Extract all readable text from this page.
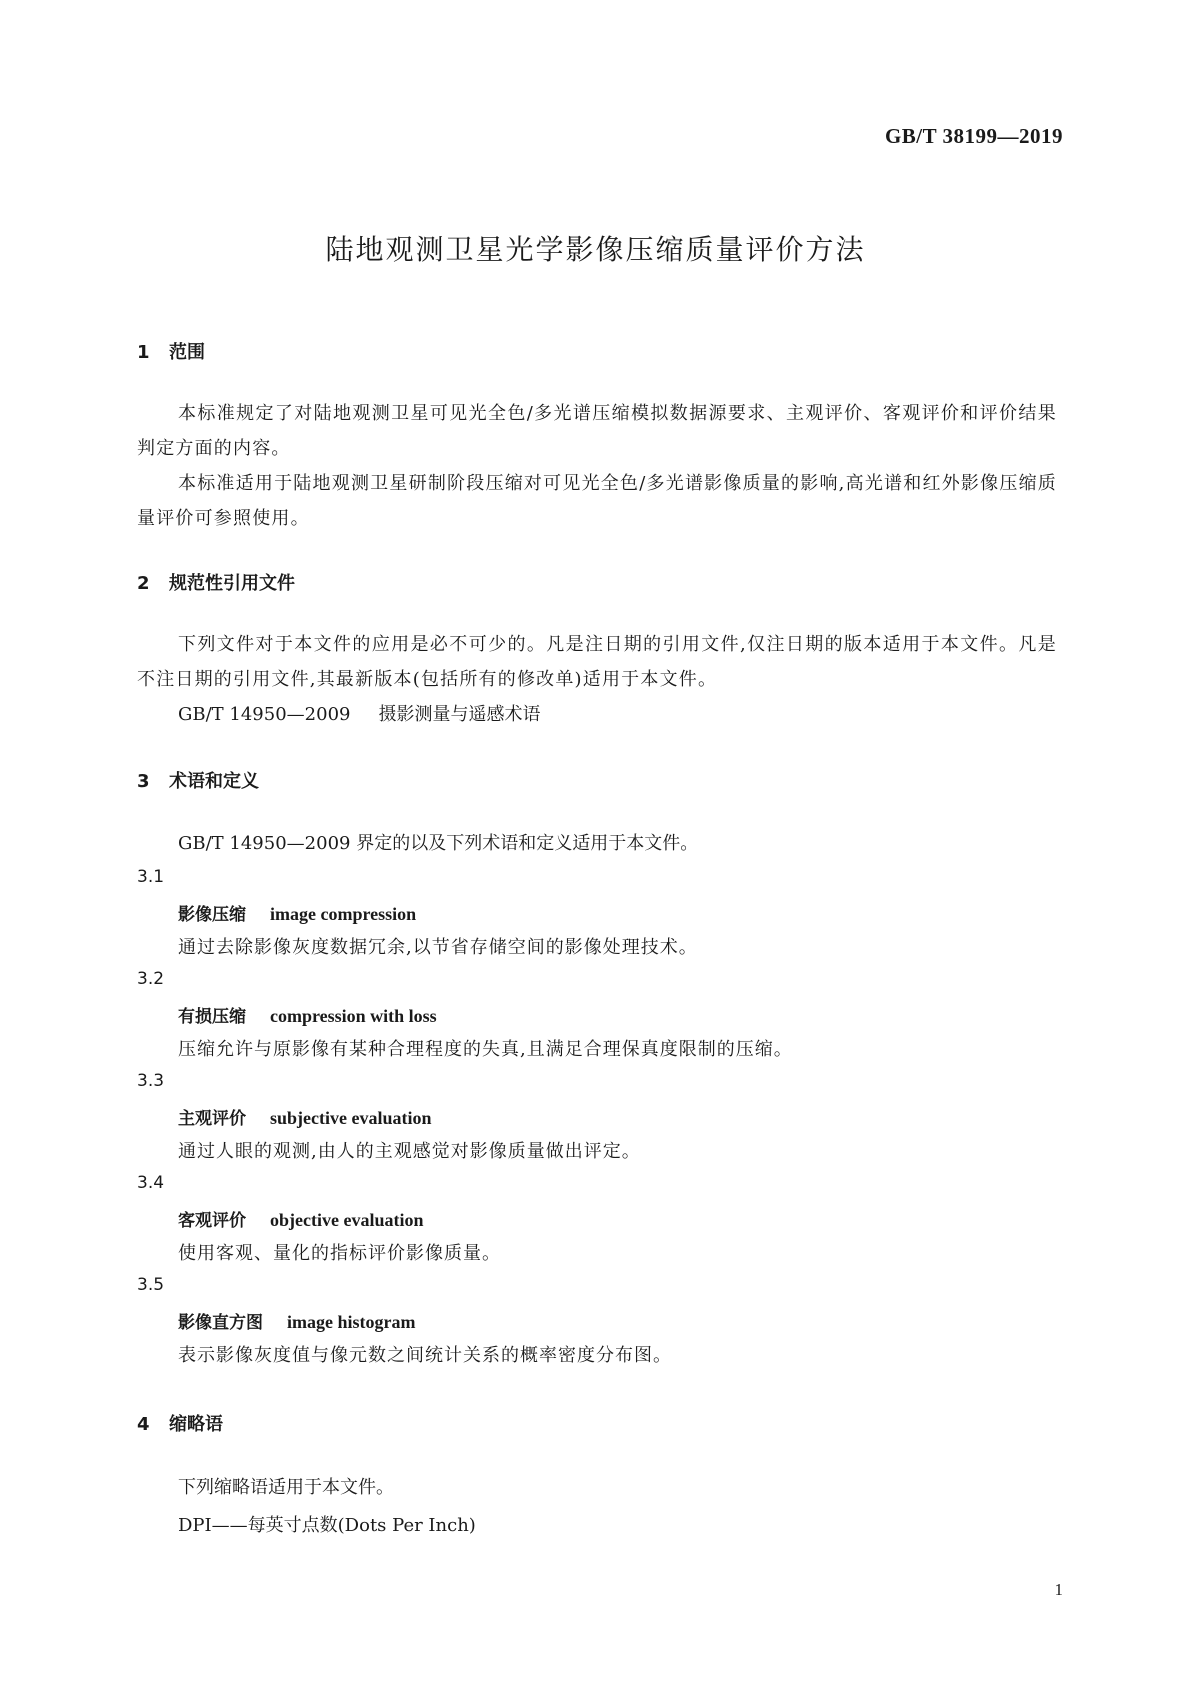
GB/T 38199—2019
陆地观测卫星光学影像压缩质量评价方法
1 范围
本标准规定了对陆地观测卫星可见光全色/多光谱压缩模拟数据源要求、主观评价、客观评价和评价结果判定方面的内容。
本标准适用于陆地观测卫星研制阶段压缩对可见光全色/多光谱影像质量的影响,高光谱和红外影像压缩质量评价可参照使用。
2 规范性引用文件
下列文件对于本文件的应用是必不可少的。凡是注日期的引用文件,仅注日期的版本适用于本文件。凡是不注日期的引用文件,其最新版本(包括所有的修改单)适用于本文件。
GB/T 14950—2009 摄影测量与遥感术语
3 术语和定义
GB/T 14950—2009 界定的以及下列术语和定义适用于本文件。
3.1
影像压缩 image compression
通过去除影像灰度数据冗余,以节省存储空间的影像处理技术。
3.2
有损压缩 compression with loss
压缩允许与原影像有某种合理程度的失真,且满足合理保真度限制的压缩。
3.3
主观评价 subjective evaluation
通过人眼的观测,由人的主观感觉对影像质量做出评定。
3.4
客观评价 objective evaluation
使用客观、量化的指标评价影像质量。
3.5
影像直方图 image histogram
表示影像灰度值与像元数之间统计关系的概率密度分布图。
4 缩略语
下列缩略语适用于本文件。
DPI——每英寸点数(Dots Per Inch)
1
